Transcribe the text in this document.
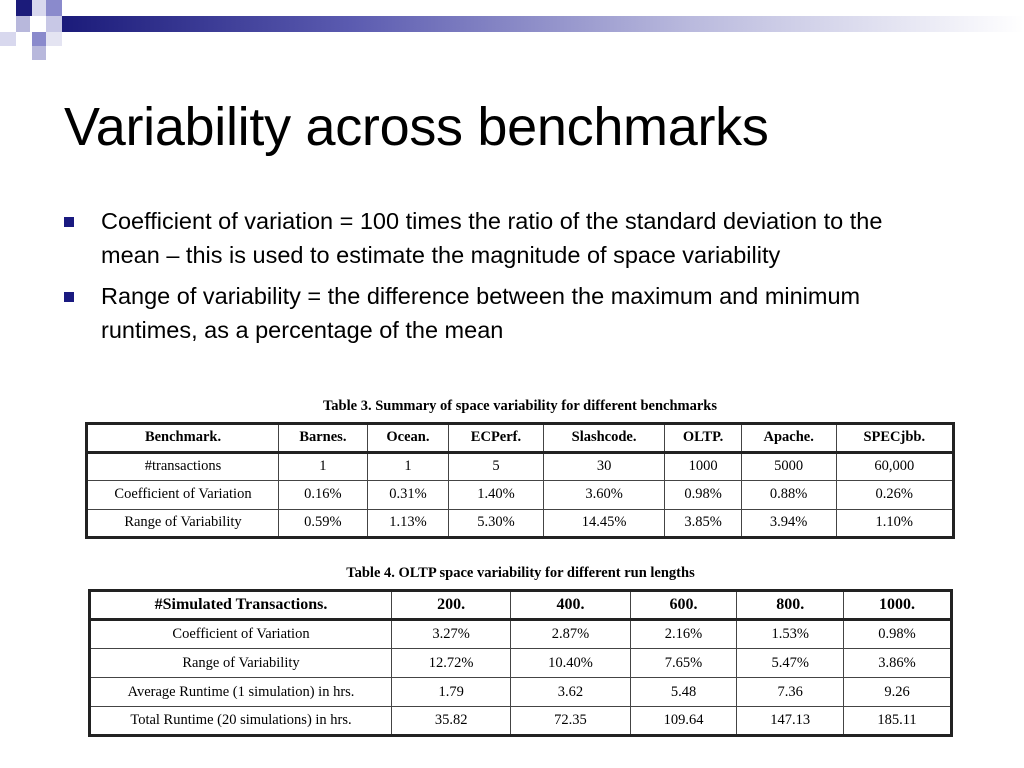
Variability across benchmarks
Coefficient of variation = 100 times the ratio of the standard deviation to the mean – this is used to estimate the magnitude of space variability
Range of variability = the difference between the maximum and minimum runtimes, as a percentage of the mean
Table 3. Summary of space variability for different benchmarks
Benchmark.	Barnes.	Ocean.	ECPerf.	Slashcode.	OLTP.	Apache.	SPECjbb.
#transactions	1	1	5	30	1000	5000	60,000
Coefficient of Variation	0.16%	0.31%	1.40%	3.60%	0.98%	0.88%	0.26%
Range of Variability	0.59%	1.13%	5.30%	14.45%	3.85%	3.94%	1.10%
Table 4. OLTP space variability for different run lengths
#Simulated Transactions.	200.	400.	600.	800.	1000.
Coefficient of Variation	3.27%	2.87%	2.16%	1.53%	0.98%
Range of Variability	12.72%	10.40%	7.65%	5.47%	3.86%
Average Runtime (1 simulation) in hrs.	1.79	3.62	5.48	7.36	9.26
Total Runtime (20 simulations) in hrs.	35.82	72.35	109.64	147.13	185.11
